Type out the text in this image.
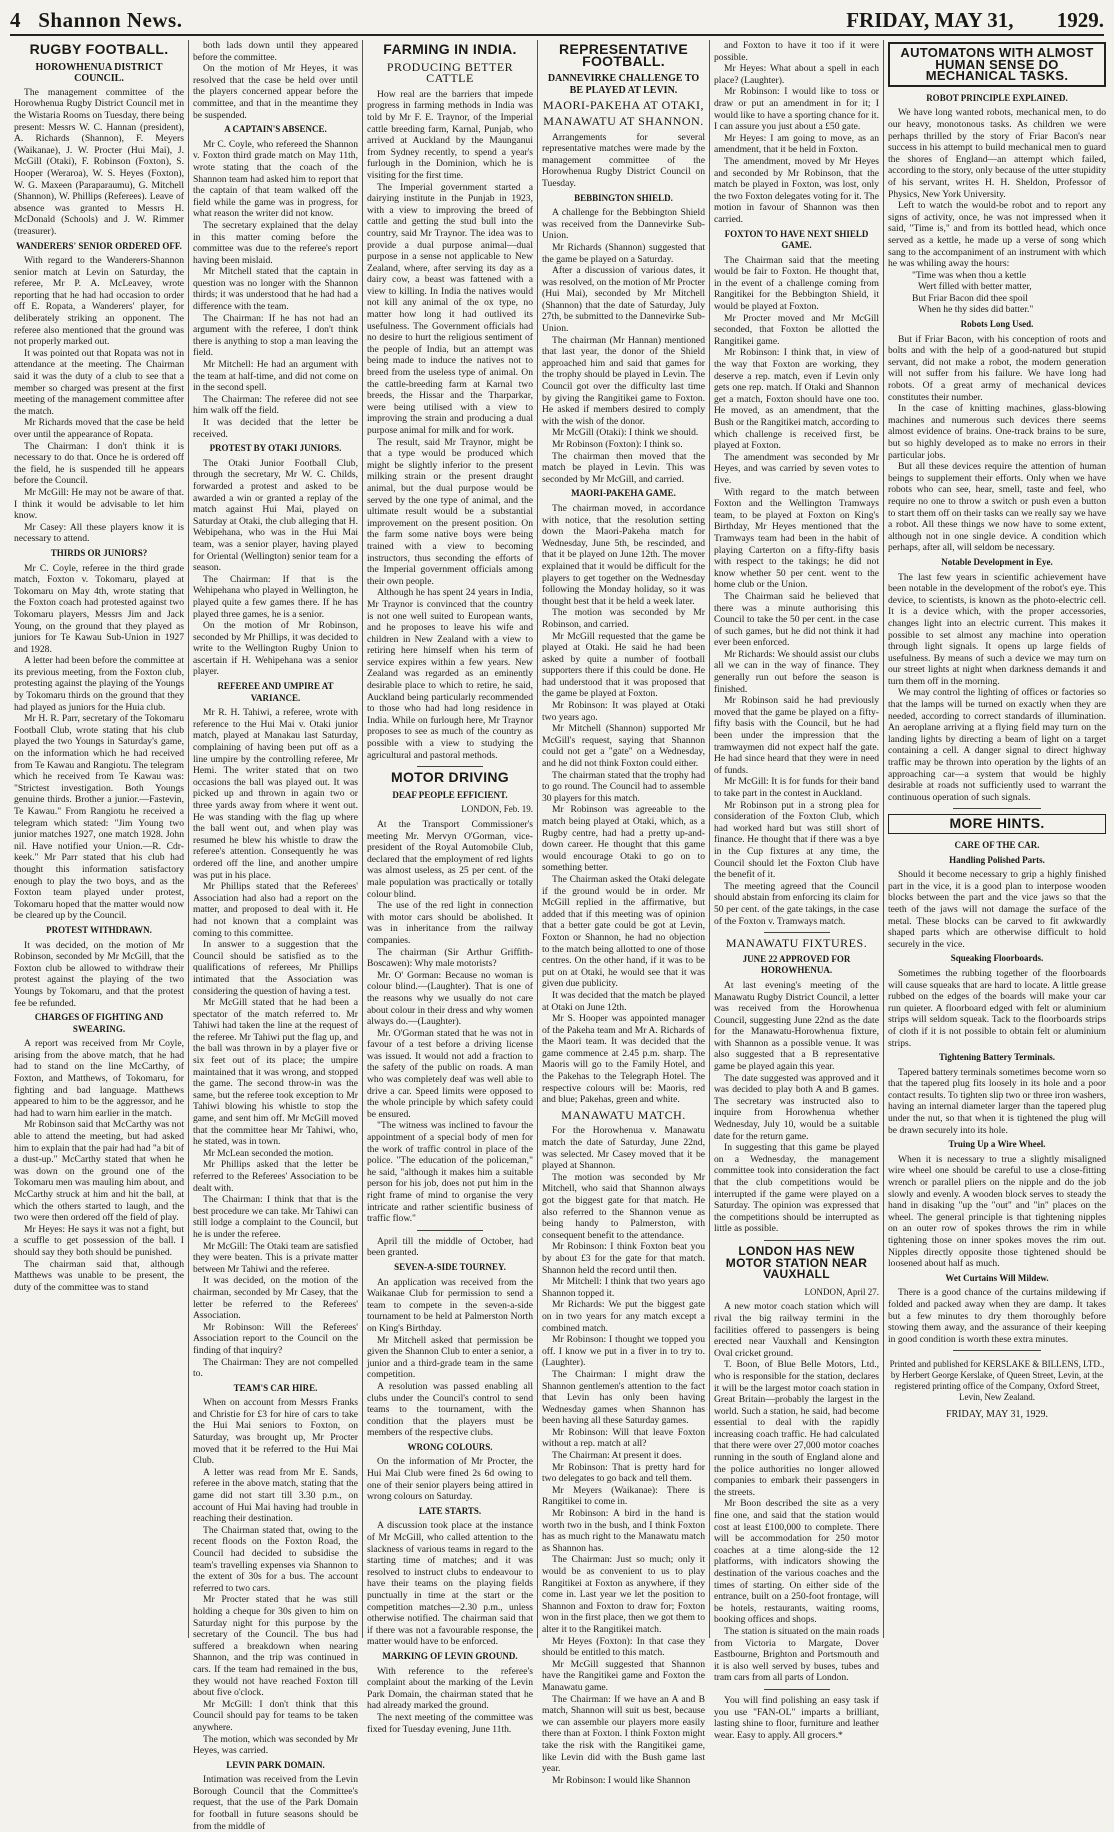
4 Shannon News.	FRIDAY, MAY 31, 1929.
RUGBY FOOTBALL.
HOROWHENUA DISTRICT COUNCIL.

The management committee of the Horowhenua Rugby District Council met in the Wistaria Rooms on Tuesday, there being present: Messrs W. C. Hannan (president), A. Richards (Shannon), F. Meyers (Waikanae), J. W. Procter (Hui Mai), J. McGill (Otaki), F. Robinson (Foxton), S. Hooper (Weraroa), W. S. Heyes (Foxton), W. G. Maxeen (Paraparaumu), G. Mitchell (Shannon), W. Phillips (Referees). Leave of absence was granted to Messrs H. McDonald (Schools) and J. W. Rimmer (treasurer).

WANDERERS' SENIOR ORDERED OFF.

With regard to the Wanderers-Shannon senior match at Levin on Saturday, the referee, Mr P. A. McLeavey, wrote reporting that he had had occasion to order off E. Ropata, a Wanderers' player, for deliberately striking an opponent. The referee also mentioned that the ground was not properly marked out.

It was pointed out that Ropata was not in attendance at the meeting. The Chairman said it was the duty of a club to see that a member so charged was present at the first meeting of the management committee after the match.

Mr Richards moved that the case be held over until the appearance of Ropata.

The Chairman: I don't think it is necessary to do that. Once he is ordered off the field, he is suspended till he appears before the Council.

Mr McGill: He may not be aware of that. I think it would be advisable to let him know.

Mr Casey: All these players know it is necessary to attend.

THIRDS OR JUNIORS?

Mr C. Coyle, referee in the third grade match, Foxton v. Tokomaru, played at Tokomaru on May 4th, wrote stating that the Foxton coach had protested against two Tokomaru players, Messrs Jim and Jack Young, on the ground that they played as juniors for Te Kawau Sub-Union in 1927 and 1928.

A letter had been before the committee at its previous meeting, from the Foxton club, protesting against the playing of the Youngs by Tokomaru thirds on the ground that they had played as juniors for the Huia club.

Mr H. R. Parr, secretary of the Tokomaru Football Club, wrote stating that his club played the two Youngs in Saturday's game, on the information which he had received from Te Kawau and Rangiotu. The telegram which he received from Te Kawau was: "Strictest investigation. Both Youngs genuine thirds. Brother a junior.—Fastevin, Te Kawau." From Rangiotu he received a telegram which stated: "Jim Young two junior matches 1927, one match 1928. John nil. Have notified your Union.—R. Cdr-keek." Mr Parr stated that his club had thought this information satisfactory enough to play the two boys, and as the Foxton team played under protest, Tokomaru hoped that the matter would now be cleared up by the Council.

PROTEST WITHDRAWN.

It was decided, on the motion of Mr Robinson, seconded by Mr McGill, that the Foxton club be allowed to withdraw their protest against the playing of the two Youngs by Tokomaru, and that the protest fee be refunded.

CHARGES OF FIGHTING AND SWEARING.

A report was received from Mr Coyle, arising from the above match, that he had had to stand on the line McCarthy, of Foxton, and Matthews, of Tokomaru, for fighting and bad language. Matthews appeared to him to be the aggressor, and he had had to warn him earlier in the match.

Mr Robinson said that McCarthy was not able to attend the meeting, but had asked him to explain that the pair had had "a bit of a dust-up." McCarthy stated that when he was down on the ground one of the Tokomaru men was mauling him about, and McCarthy struck at him and hit the ball, at which the others started to laugh, and the two were then ordered off the field of play.

Mr Heyes: He says it was not a fight, but a scuffle to get possession of the ball. I should say they both should be punished.

The chairman said that, although Matthews was unable to be present, the duty of the committee was to stand

both lads down until they appeared before the committee.

On the motion of Mr Heyes, it was resolved that the case be held over until the players concerned appear before the committee, and that in the meantime they be suspended.

A CAPTAIN'S ABSENCE.

Mr C. Coyle, who refereed the Shannon v. Foxton third grade match on May 11th, wrote stating that the coach of the Shannon team had asked him to report that the captain of that team walked off the field while the game was in progress, for what reason the writer did not know.

The secretary explained that the delay in this matter coming before the committee was due to the referee's report having been mislaid.

Mr Mitchell stated that the captain in question was no longer with the Shannon thirds; it was understood that he had had a difference with the team.

The Chairman: If he has not had an argument with the referee, I don't think there is anything to stop a man leaving the field.

Mr Mitchell: He had an argument with the team at half-time, and did not come on in the second spell.

The Chairman: The referee did not see him walk off the field.

It was decided that the letter be received.

PROTEST BY OTAKI JUNIORS.

The Otaki Junior Football Club, through the secretary, Mr W. C. Childs, forwarded a protest and asked to be awarded a win or granted a replay of the match against Hui Mai, played on Saturday at Otaki, the club alleging that H. Webipehana, who was in the Hui Mai team, was a senior player, having played for Oriental (Wellington) senior team for a season.

The Chairman: If that is the Wehipehana who played in Wellington, he played quite a few games there. If he has played three games, he is a senior.

On the motion of Mr Robinson, seconded by Mr Phillips, it was decided to write to the Wellington Rugby Union to ascertain if H. Wehipehana was a senior player.

REFEREE AND UMPIRE AT VARIANCE.

Mr R. H. Tahiwi, a referee, wrote with reference to the Hui Mai v. Otaki junior match, played at Manakau last Saturday, complaining of having been put off as a line umpire by the controlling referee, Mr Hemi. The writer stated that on two occasions the ball was played out. It was picked up and thrown in again two or three yards away from where it went out. He was standing with the flag up where the ball went out, and when play was resumed he blew his whistle to draw the referee's attention. Consequently he was ordered off the line, and another umpire was put in his place.

Mr Phillips stated that the Referees' Association had also had a report on the matter, and proposed to deal with it. He had not known that a complaint was coming to this committee.

In answer to a suggestion that the Council should be satisfied as to the qualifications of referees, Mr Phillips intimated that the Association was considering the question of having a test.

Mr McGill stated that he had been a spectator of the match referred to. Mr Tahiwi had taken the line at the request of the referee. Mr Tahiwi put the flag up, and the ball was thrown in by a player five or six feet out of its place; the umpire maintained that it was wrong, and stopped the game. The second throw-in was the same, but the referee took exception to Mr Tahiwi blowing his whistle to stop the game, and sent him off. Mr McGill moved that the committee hear Mr Tahiwi, who, he stated, was in town.

Mr McLean seconded the motion.

Mr Phillips asked that the letter be referred to the Referees' Association to be dealt with.

The Chairman: I think that that is the best procedure we can take. Mr Tahiwi can still lodge a complaint to the Council, but he is under the referee.

Mr McGill: The Otaki team are satisfied they were beaten. This is a private matter between Mr Tahiwi and the referee.

It was decided, on the motion of the chairman, seconded by Mr Casey, that the letter be referred to the Referees' Association.

Mr Robinson: Will the Referees' Association report to the Council on the finding of that inquiry?

The Chairman: They are not compelled to.

TEAM'S CAR HIRE.

When on account from Messrs Franks and Christie for £3 for hire of cars to take the Hui Mai seniors to Foxton, on Saturday, was brought up, Mr Procter moved that it be referred to the Hui Mai Club.

A letter was read from Mr E. Sands, referee in the above match, stating that the game did not start till 3.30 p.m., on account of Hui Mai having had trouble in reaching their destination.

The Chairman stated that, owing to the recent floods on the Foxton Road, the Council had decided to subsidise the team's travelling expenses via Shannon to the extent of 30s for a bus. The account referred to two cars.

Mr Procter stated that he was still holding a cheque for 30s given to him on Saturday night for this purpose by the secretary of the Council. The bus had suffered a breakdown when nearing Shannon, and the trip was continued in cars. If the team had remained in the bus, they would not have reached Foxton till about five o'clock.

Mr McGill: I don't think that this Council should pay for teams to be taken anywhere.

The motion, which was seconded by Mr Heyes, was carried.

LEVIN PARK DOMAIN.

Intimation was received from the Levin Borough Council that the Committee's request, that the use of the Park Domain for football in future seasons should be from the middle of

FARMING IN INDIA.
PRODUCING BETTER CATTLE

How real are the barriers that impede progress in farming methods in India was told by Mr F. E. Traynor, of the Imperial cattle breeding farm, Karnal, Punjab, who arrived at Auckland by the Maunganui from Sydney recently, to spend a year's furlough in the Dominion, which he is visiting for the first time.

The Imperial government started a dairying institute in the Punjab in 1923, with a view to improving the breed of cattle and getting the stud bull into the country, said Mr Traynor. The idea was to provide a dual purpose animal—dual purpose in a sense not applicable to New Zealand, where, after serving its day as a dairy cow, a beast was fattened with a view to killing. In India the natives would not kill any animal of the ox type, no matter how long it had outlived its usefulness. The Government officials had no desire to hurt the religious sentiment of the people of India, but an attempt was being made to induce the natives not to breed from the useless type of animal. On the cattle-breeding farm at Karnal two breeds, the Hissar and the Tharparkar, were being utilised with a view to improving the strain and producing a dual purpose animal for milk and for work.

The result, said Mr Traynor, might be that a type would be produced which might be slightly inferior to the present milking strain or the present draught animal, but the dual purpose would be served by the one type of animal, and the ultimate result would be a substantial improvement on the present position. On the farm some native boys were being trained with a view to becoming instructors, thus seconding the efforts of the Imperial government officials among their own people.

Although he has spent 24 years in India, Mr Traynor is convinced that the country is not one well suited to European wants, and he proposes to leave his wife and children in New Zealand with a view to retiring here himself when his term of service expires within a few years. New Zealand was regarded as an eminently desirable place to which to retire, he said, Auckland being particularly recommended to those who had had long residence in India. While on furlough here, Mr Traynor proposes to see as much of the country as possible with a view to studying the agricultural and pastoral methods.

MOTOR DRIVING
DEAF PEOPLE EFFICIENT.
LONDON, Feb. 19.

At the Transport Commissioner's meeting Mr. Mervyn O'Gorman, vice-president of the Royal Automobile Club, declared that the employment of red lights was almost useless, as 25 per cent. of the male population was practically or totally colour blind.

The use of the red light in connection with motor cars should be abolished. It was in inheritance from the railway companies.

The chairman (Sir Arthur Griffith-Boscawen): Why male motorists?

Mr. O' Gorman: Because no woman is colour blind.—(Laughter). That is one of the reasons why we usually do not care about colour in their dress and why women always do.—(Laughter).

Mr. O'Gorman stated that he was not in favour of a test before a driving license was issued. It would not add a fraction to the safety of the public on roads. A man who was completely deaf was well able to drive a car. Speed limits were opposed to the whole principle by which safety could be ensured.

"The witness was inclined to favour the appointment of a special body of men for the work of traffic control in place of the police. "The education of the policeman," he said, "although it makes him a suitable person for his job, does not put him in the right frame of mind to organise the very intricate and rather scientific business of traffic flow."

April till the middle of October, had been granted.

SEVEN-A-SIDE TOURNEY.

An application was received from the Waikanae Club for permission to send a team to compete in the seven-a-side tournament to be held at Palmerston North on King's Birthday.

Mr Mitchell asked that permission be given the Shannon Club to enter a senior, a junior and a third-grade team in the same competition.

A resolution was passed enabling all clubs under the Council's control to send teams to the tournament, with the condition that the players must be members of the respective clubs.

WRONG COLOURS.

On the information of Mr Procter, the Hui Mai Club were fined 2s 6d owing to one of their senior players being attired in wrong colours on Saturday.

LATE STARTS.

A discussion took place at the instance of Mr McGill, who called attention to the slackness of various teams in regard to the starting time of matches; and it was resolved to instruct clubs to endeavour to have their teams on the playing fields punctually in time at the start or the competition matches—2.30 p.m., unless otherwise notified. The chairman said that if there was not a favourable response, the matter would have to be enforced.

MARKING OF LEVIN GROUND.

With reference to the referee's complaint about the marking of the Levin Park Domain, the chairman stated that he had already marked the ground.

The next meeting of the committee was fixed for Tuesday evening, June 11th.

REPRESENTATIVE FOOTBALL.
DANNEVIRKE CHALLENGE TO BE PLAYED AT LEVIN.
MAORI-PAKEHA AT OTAKI,
MANAWATU AT SHANNON.

Arrangements for several representative matches were made by the management committee of the Horowhenua Rugby District Council on Tuesday.

BEBBINGTON SHIELD.

A challenge for the Bebbington Shield was received from the Dannevirke Sub-Union.

Mr Richards (Shannon) suggested that the game be played on a Saturday.

After a discussion of various dates, it was resolved, on the motion of Mr Procter (Hui Mai), seconded by Mr Mitchell (Shannon) that the date of Saturday, July 27th, be submitted to the Dannevirke Sub-Union.

The chairman (Mr Hannan) mentioned that last year, the donor of the Shield approached him and said that games for the trophy should be played in Levin. The Council got over the difficulty last time by giving the Rangitikei game to Foxton. He asked if members desired to comply with the wish of the donor.

Mr McGill (Otaki): I think we should.

Mr Robinson (Foxton): I think so.

The chairman then moved that the match be played in Levin. This was seconded by Mr McGill, and carried.

MAORI-PAKEHA GAME.

The chairman moved, in accordance with notice, that the resolution setting down the Maori-Pakeha match for Wednesday, June 5th, be rescinded, and that it be played on June 12th. The mover explained that it would be difficult for the players to get together on the Wednesday following the Monday holiday, so it was thought best that it be held a week later.

The motion was seconded by Mr Robinson, and carried.

Mr McGill requested that the game be played at Otaki. He said he had been asked by quite a number of football supporters there if this could be done. He had understood that it was proposed that the game be played at Foxton.

Mr Robinson: It was played at Otaki two years ago.

Mr Mitchell (Shannon) supported Mr McGill's request, saying that Shannon could not get a "gate" on a Wednesday, and he did not think Foxton could either.

The chairman stated that the trophy had to go round. The Council had to assemble 30 players for this match.

Mr Robinson was agreeable to the match being played at Otaki, which, as a Rugby centre, had had a pretty up-and-down career. He thought that this game would encourage Otaki to go on to something better.

The Chairman asked the Otaki delegate if the ground would be in order. Mr McGill replied in the affirmative, but added that if this meeting was of opinion that a better gate could be got at Levin, Foxton or Shannon, he had no objection to the match being allotted to one of those centres. On the other hand, if it was to be put on at Otaki, he would see that it was given due publicity.

It was decided that the match be played at Otaki on June 12th.

Mr S. Hooper was appointed manager of the Pakeha team and Mr A. Richards of the Maori team. It was decided that the game commence at 2.45 p.m. sharp. The Maoris will go to the Family Hotel, and the Pakehas to the Telegraph Hotel. The respective colours will be: Maoris, red and blue; Pakehas, green and white.

MANAWATU MATCH.

For the Horowhenua v. Manawatu match the date of Saturday, June 22nd, was selected. Mr Casey moved that it be played at Shannon.

The motion was seconded by Mr Mitchell, who said that Shannon always got the biggest gate for that match. He also referred to the Shannon venue as being handy to Palmerston, with consequent benefit to the attendance.

Mr Robinson: I think Foxton beat you by about £3 for the gate for that match. Shannon held the record until then.

Mr Mitchell: I think that two years ago Shannon topped it.

Mr Richards: We put the biggest gate on in two years for any match except a combined match.

Mr Robinson: I thought we topped you off. I know we put in a fiver in to try to. (Laughter).

The Chairman: I might draw the Shannon gentlemen's attention to the fact that Levin has only been having Wednesday games when Shannon has been having all these Saturday games.

Mr Robinson: Will that leave Foxton without a rep. match at all?

The Chairman: At present it does.

Mr Robinson: That is pretty hard for two delegates to go back and tell them.

Mr Meyers (Waikanae): There is Rangitikei to come in.

Mr Robinson: A bird in the hand is worth two in the bush, and I think Foxton has as much right to the Manawatu match as Shannon has.

The Chairman: Just so much; only it would be as convenient to us to play Rangitikei at Foxton as anywhere, if they come in. Last year we let the position to Shannon and Foxton to draw for; Foxton won in the first place, then we got them to alter it to the Rangitikei match.

Mr Heyes (Foxton): In that case they should be entitled to this match.

Mr McGill suggested that Shannon have the Rangitikei game and Foxton the Manawatu game.

The Chairman: If we have an A and B match, Shannon will suit us best, because we can assemble our players more easily there than at Foxton. I think Foxton might take the risk with the Rangitikei game, like Levin did with the Bush game last year.

Mr Robinson: I would like Shannon

and Foxton to have it too if it were possible.

Mr Heyes: What about a spell in each place? (Laughter).

Mr Robinson: I would like to toss or draw or put an amendment in for it; I would like to have a sporting chance for it. I can assure you just about a £50 gate.

Mr Heyes: I am going to move, as an amendment, that it be held in Foxton.

The amendment, moved by Mr Heyes and seconded by Mr Robinson, that the match be played in Foxton, was lost, only the two Foxton delegates voting for it. The motion in favour of Shannon was then carried.

FOXTON TO HAVE NEXT SHIELD GAME.

The Chairman said that the meeting would be fair to Foxton. He thought that, in the event of a challenge coming from Rangitikei for the Bebbington Shield, it would be played at Foxton.

Mr Procter moved and Mr McGill seconded, that Foxton be allotted the Rangitikei game.

Mr Robinson: I think that, in view of the way that Foxton are working, they deserve a rep. match, even if Levin only gets one rep. match. If Otaki and Shannon get a match, Foxton should have one too. He moved, as an amendment, that the Bush or the Rangitikei match, according to which challenge is received first, be played at Foxton.

The amendment was seconded by Mr Heyes, and was carried by seven votes to five.

With regard to the match between Foxton and the Wellington Tramways team, to be played at Foxton on King's Birthday, Mr Heyes mentioned that the Tramways team had been in the habit of playing Carterton on a fifty-fifty basis with respect to the takings; he did not know whether 50 per cent. went to the home club or the Union.

The Chairman said he believed that there was a minute authorising this Council to take the 50 per cent. in the case of such games, but he did not think it had ever been enforced.

Mr Richards: We should assist our clubs all we can in the way of finance. They generally run out before the season is finished.

Mr Robinson said he had previously moved that the game be played on a fifty-fifty basis with the Council, but he had been under the impression that the tramwaymen did not expect half the gate. He had since heard that they were in need of funds.

Mr McGill: It is for funds for their band to take part in the contest in Auckland.

Mr Robinson put in a strong plea for consideration of the Foxton Club, which had worked hard but was still short of finance. He thought that if there was a bye in the Cup fixtures at any time, the Council should let the Foxton Club have the benefit of it.

The meeting agreed that the Council should abstain from enforcing its claim for 50 per cent. of the gate takings, in the case of the Foxton v. Tramways match.

MANAWATU FIXTURES.
JUNE 22 APPROVED FOR HOROWHENUA.

At last evening's meeting of the Manawatu Rugby District Council, a letter was received from the Horowhenua Council, suggesting June 22nd as the date for the Manawatu-Horowhenua fixture, with Shannon as a possible venue. It was also suggested that a B representative game be played again this year.

The date suggested was approved and it was decided to play both A and B games. The secretary was instructed also to inquire from Horowhenua whether Wednesday, July 10, would be a suitable date for the return game.

In suggesting that this game be played on a Wednesday, the management committee took into consideration the fact that the club competitions would be interrupted if the game were played on a Saturday. The opinion was expressed that the competitions should be interrupted as little as possible.

LONDON HAS NEW MOTOR STATION NEAR VAUXHALL
LONDON, April 27.

A new motor coach station which will rival the big railway termini in the facilities offered to passengers is being erected near Vauxhall and Kensington Oval cricket ground.

T. Boon, of Blue Belle Motors, Ltd., who is responsible for the station, declares it will be the largest motor coach station in Great Britain—probably the largest in the world. Such a station, he said, had become essential to deal with the rapidly increasing coach traffic. He had calculated that there were over 27,000 motor coaches running in the south of England alone and the police authorities no longer allowed companies to embark their passengers in the streets.

Mr Boon described the site as a very fine one, and said that the station would cost at least £100,000 to complete. There will be accommodation for 250 motor coaches at a time along-side the 12 platforms, with indicators showing the destination of the various coaches and the times of starting. On either side of the entrance, built on a 250-foot frontage, will be hotels, restaurants, waiting rooms, booking offices and shops.

The station is situated on the main roads from Victoria to Margate, Dover Eastbourne, Brighton and Portsmouth and it is also well served by buses, tubes and tram cars from all parts of London.

You will find polishing an easy task if you use "FAN-OL" imparts a brilliant, lasting shine to floor, furniture and leather wear. Easy to apply. All grocers.*

AUTOMATONS WITH ALMOST HUMAN SENSE DO MECHANICAL TASKS.
ROBOT PRINCIPLE EXPLAINED.

We have long wanted robots, mechanical men, to do our heavy, monotonous tasks. As children we were perhaps thrilled by the story of Friar Bacon's near success in his attempt to build mechanical men to guard the shores of England—an attempt which failed, according to the story, only because of the utter stupidity of his servant, writes H. H. Sheldon, Professor of Physics, New York University.

Left to watch the would-be robot and to report any signs of activity, once, he was not impressed when it said, "Time is," and from its bottled head, which once served as a kettle, he made up a verse of song which sang to the accompaniment of an instrument with which he was whiling away the hours:

"Time was when thou a kettle

Wert filled with better matter,

But Friar Bacon did thee spoil

When he thy sides did batter."

Robots Long Used.

But if Friar Bacon, with his conception of roots and bolts and with the help of a good-natured but stupid servant, did not make a robot, the modern generation will not suffer from his failure. We have long had robots. Of a great army of mechanical devices constitutes their number.

In the case of knitting machines, glass-blowing machines and numerous such devices there seems almost evidence of brains. One-track brains to be sure, but so highly developed as to make no errors in their particular jobs.

But all these devices require the attention of human beings to supplement their efforts. Only when we have robots who can see, hear, smell, taste and feel, who require no one to throw a switch or push even a button to start them off on their tasks can we really say we have a robot. All these things we now have to some extent, although not in one single device. A condition which perhaps, after all, will seldom be necessary.

Notable Development in Eye.

The last few years in scientific achievement have been notable in the development of the robot's eye. This device, to scientists, is known as the photo-electric cell. It is a device which, with the proper accessories, changes light into an electric current. This makes it possible to set almost any machine into operation through light signals. It opens up large fields of usefulness. By means of such a device we may turn on our street lights at night when darkness demands it and turn them off in the morning.

We may control the lighting of offices or factories so that the lamps will be turned on exactly when they are needed, according to correct standards of illumination. An aeroplane arriving at a flying field may turn on the landing lights by directing a beam of light on a target containing a cell. A danger signal to direct highway traffic may be thrown into operation by the lights of an approaching car—a system that would be highly desirable at roads not sufficiently used to warrant the continuous operation of such signals.

MORE HINTS.
CARE OF THE CAR.
Handling Polished Parts.

Should it become necessary to grip a highly finished part in the vice, it is a good plan to interpose wooden blocks between the part and the vice jaws so that the teeth of the jaws will not damage the surface of the metal. These blocks can be carved to fit awkwardly shaped parts which are otherwise difficult to hold securely in the vice.

Squeaking Floorboards.

Sometimes the rubbing together of the floorboards will cause squeaks that are hard to locate. A little grease rubbed on the edges of the boards will make your car run quieter. A floorboard edged with felt or aluminium strips will seldom squeak. Tack to the floorboards strips of cloth if it is not possible to obtain felt or aluminium strips.

Tightening Battery Terminals.

Tapered battery terminals sometimes become worn so that the tapered plug fits loosely in its hole and a poor contact results. To tighten slip two or three iron washers, having an internal diameter larger than the tapered plug under the nut, so that when it is tightened the plug will be drawn securely into its hole.

Truing Up a Wire Wheel.

When it is necessary to true a slightly misaligned wire wheel one should be careful to use a close-fitting wrench or parallel pliers on the nipple and do the job slowly and evenly. A wooden block serves to steady the hand in disaking "up the "out" and "in" places on the wheel. The general principle is that tightening nipples on an outer row of spokes throws the rim in while tightening those on inner spokes moves the rim out. Nipples directly opposite those tightened should be loosened about half as much.

Wet Curtains Will Mildew.

There is a good chance of the curtains mildewing if folded and packed away when they are damp. It takes but a few minutes to dry them thoroughly before stowing them away, and the assurance of their keeping in good condition is worth these extra minutes.

Printed and published for KERSLAKE & BILLENS, LTD., by Herbert George Kerslake, of Queen Street, Levin, at the registered printing office of the Company, Oxford Street, Levin, New Zealand.
FRIDAY, MAY 31, 1929.
